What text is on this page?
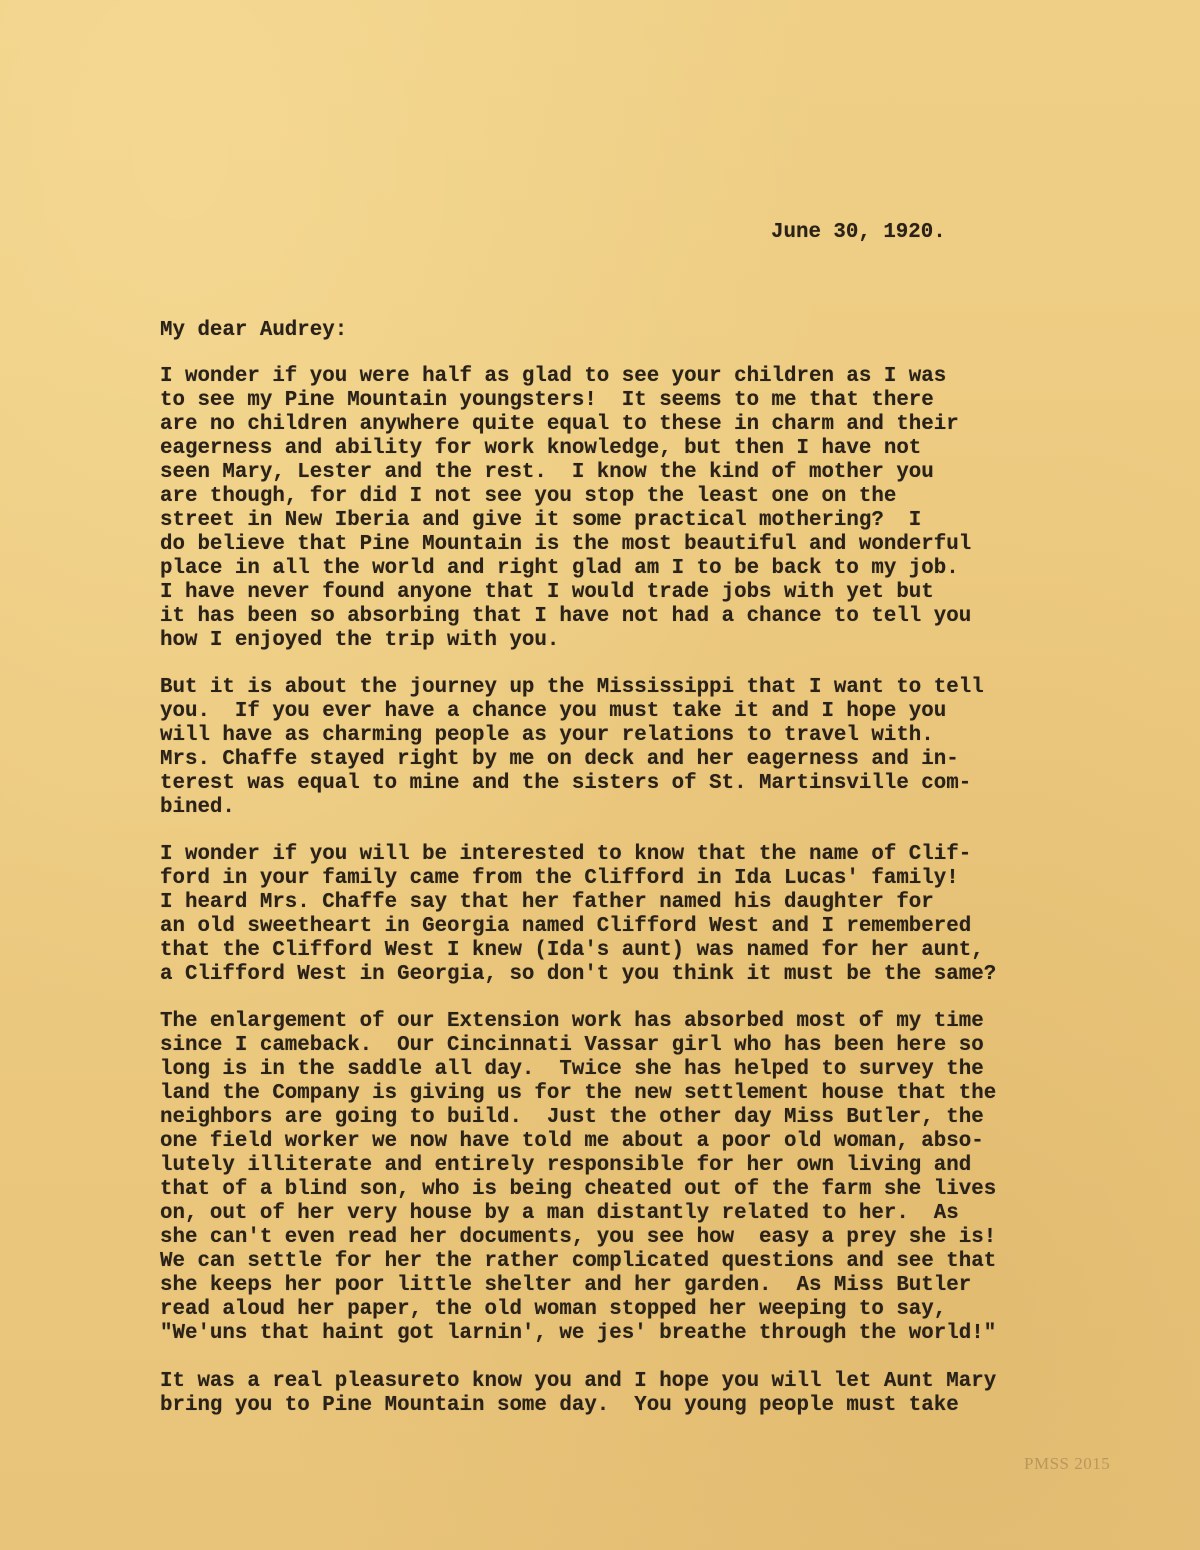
June 30, 1920.
My dear Audrey:
I wonder if you were half as glad to see your children as I was
to see my Pine Mountain youngsters!  It seems to me that there
are no children anywhere quite equal to these in charm and their
eagerness and ability for work knowledge, but then I have not
seen Mary, Lester and the rest.  I know the kind of mother you
are though, for did I not see you stop the least one on the
street in New Iberia and give it some practical mothering?  I
do believe that Pine Mountain is the most beautiful and wonderful
place in all the world and right glad am I to be back to my job.
I have never found anyone that I would trade jobs with yet but
it has been so absorbing that I have not had a chance to tell you
how I enjoyed the trip with you.
But it is about the journey up the Mississippi that I want to tell
you.  If you ever have a chance you must take it and I hope you
will have as charming people as your relations to travel with.
Mrs. Chaffe stayed right by me on deck and her eagerness and in-
terest was equal to mine and the sisters of St. Martinsville com-
bined.
I wonder if you will be interested to know that the name of Clif-
ford in your family came from the Clifford in Ida Lucas' family!
I heard Mrs. Chaffe say that her father named his daughter for
an old sweetheart in Georgia named Clifford West and I remembered
that the Clifford West I knew (Ida's aunt) was named for her aunt,
a Clifford West in Georgia, so don't you think it must be the same?
The enlargement of our Extension work has absorbed most of my time
since I cameback.  Our Cincinnati Vassar girl who has been here so
long is in the saddle all day.  Twice she has helped to survey the
land the Company is giving us for the new settlement house that the
neighbors are going to build.  Just the other day Miss Butler, the
one field worker we now have told me about a poor old woman, abso-
lutely illiterate and entirely responsible for her own living and
that of a blind son, who is being cheated out of the farm she lives
on, out of her very house by a man distantly related to her.  As
she can't even read her documents, you see how  easy a prey she is!
We can settle for her the rather complicated questions and see that
she keeps her poor little shelter and her garden.  As Miss Butler
read aloud her paper, the old woman stopped her weeping to say,
"We'uns that haint got larnin', we jes' breathe through the world!"
It was a real pleasureto know you and I hope you will let Aunt Mary
bring you to Pine Mountain some day.  You young people must take
PMSS 2015
